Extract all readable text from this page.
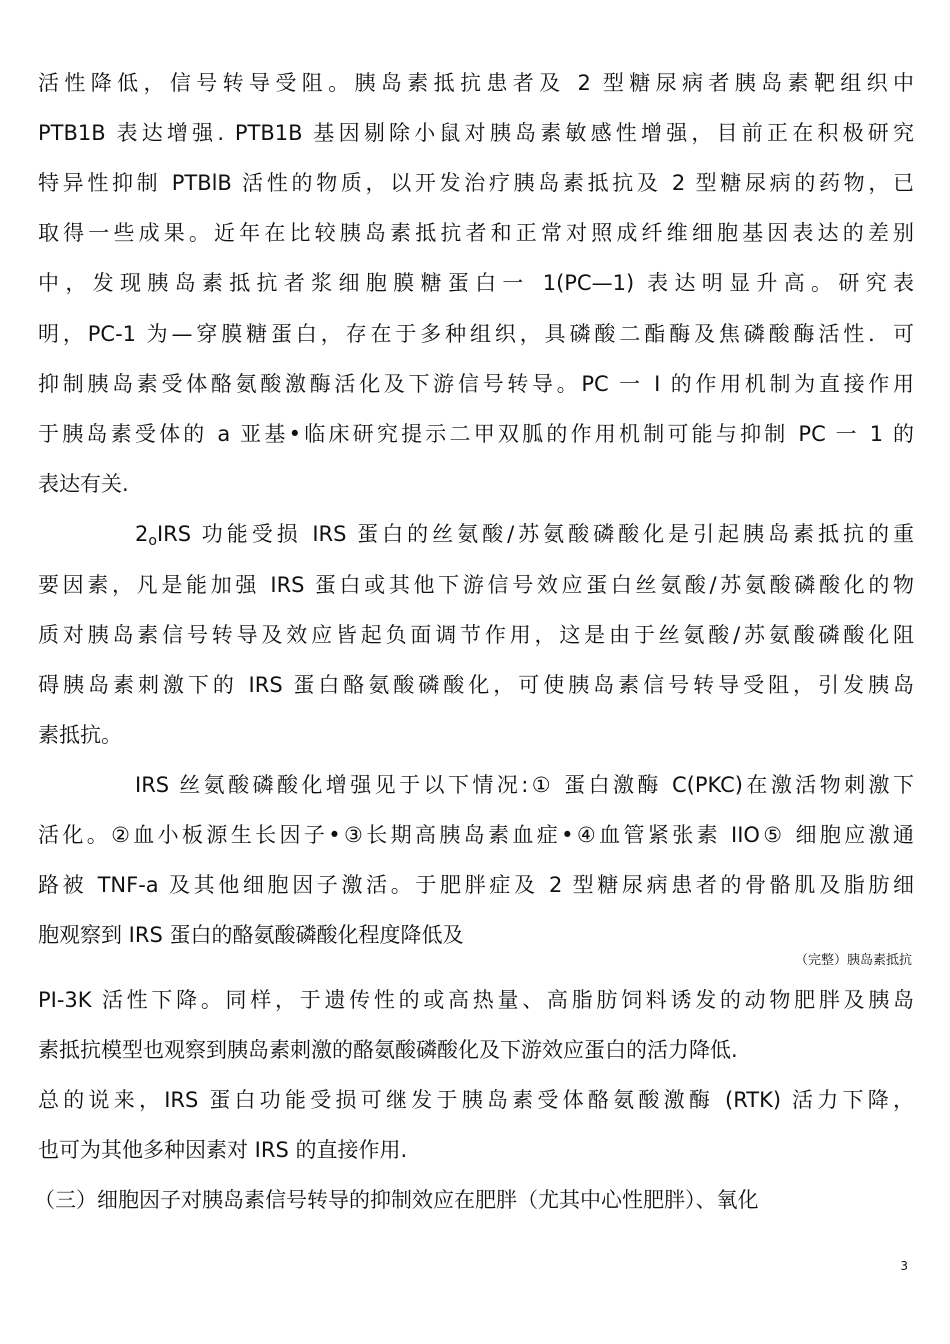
活性降低，信号转导受阻。胰岛素抵抗患者及 2 型糖尿病者胰岛素靶组织中
PTB1B 表达增强. PTB1B 基因剔除小鼠对胰岛素敏感性增强，目前正在积极研究
特异性抑制 PTBlB 活性的物质，以开发治疗胰岛素抵抗及 2 型糖尿病的药物，已
取得一些成果。近年在比较胰岛素抵抗者和正常对照成纤维细胞基因表达的差别
中，发现胰岛素抵抗者浆细胞膜糖蛋白一 1(PC—1) 表达明显升高。研究表
明，PC-1 为—穿膜糖蛋白，存在于多种组织，具磷酸二酯酶及焦磷酸酶活性．可
抑制胰岛素受体酪氨酸激酶活化及下游信号转导。PC 一 I 的作用机制为直接作用
于胰岛素受体的 a 亚基•临床研究提示二甲双胍的作用机制可能与抑制 PC 一 1 的
表达有关.
$2_oIRS$ 功能受损 IRS 蛋白的丝氨酸/苏氨酸磷酸化是引起胰岛素抵抗的重
要因素，凡是能加强 IRS 蛋白或其他下游信号效应蛋白丝氨酸/苏氨酸磷酸化的物
质对胰岛素信号转导及效应皆起负面调节作用，这是由于丝氨酸/苏氨酸磷酸化阻
碍胰岛素刺激下的 IRS 蛋白酪氨酸磷酸化，可使胰岛素信号转导受阻，引发胰岛
素抵抗。
IRS 丝氨酸磷酸化增强见于以下情况:① 蛋白激酶 C(PKC)在激活物刺激下
活化。②血小板源生长因子•③长期高胰岛素血症•④血管紧张素 IIO⑤ 细胞应激通
路被 TNF-a 及其他细胞因子激活。于肥胖症及 2 型糖尿病患者的骨骼肌及脂肪细
胞观察到 IRS 蛋白的酪氨酸磷酸化程度降低及
（完整）胰岛素抵抗
PI-3K 活性下降。同样，于遗传性的或高热量、高脂肪饲料诱发的动物肥胖及胰岛
素抵抗模型也观察到胰岛素刺激的酪氨酸磷酸化及下游效应蛋白的活力降低.
总的说来，IRS 蛋白功能受损可继发于胰岛素受体酪氨酸激酶 (RTK) 活力下降，
也可为其他多种因素对 IRS 的直接作用.
（三）细胞因子对胰岛素信号转导的抑制效应在肥胖（尤其中心性肥胖）、氧化
3
